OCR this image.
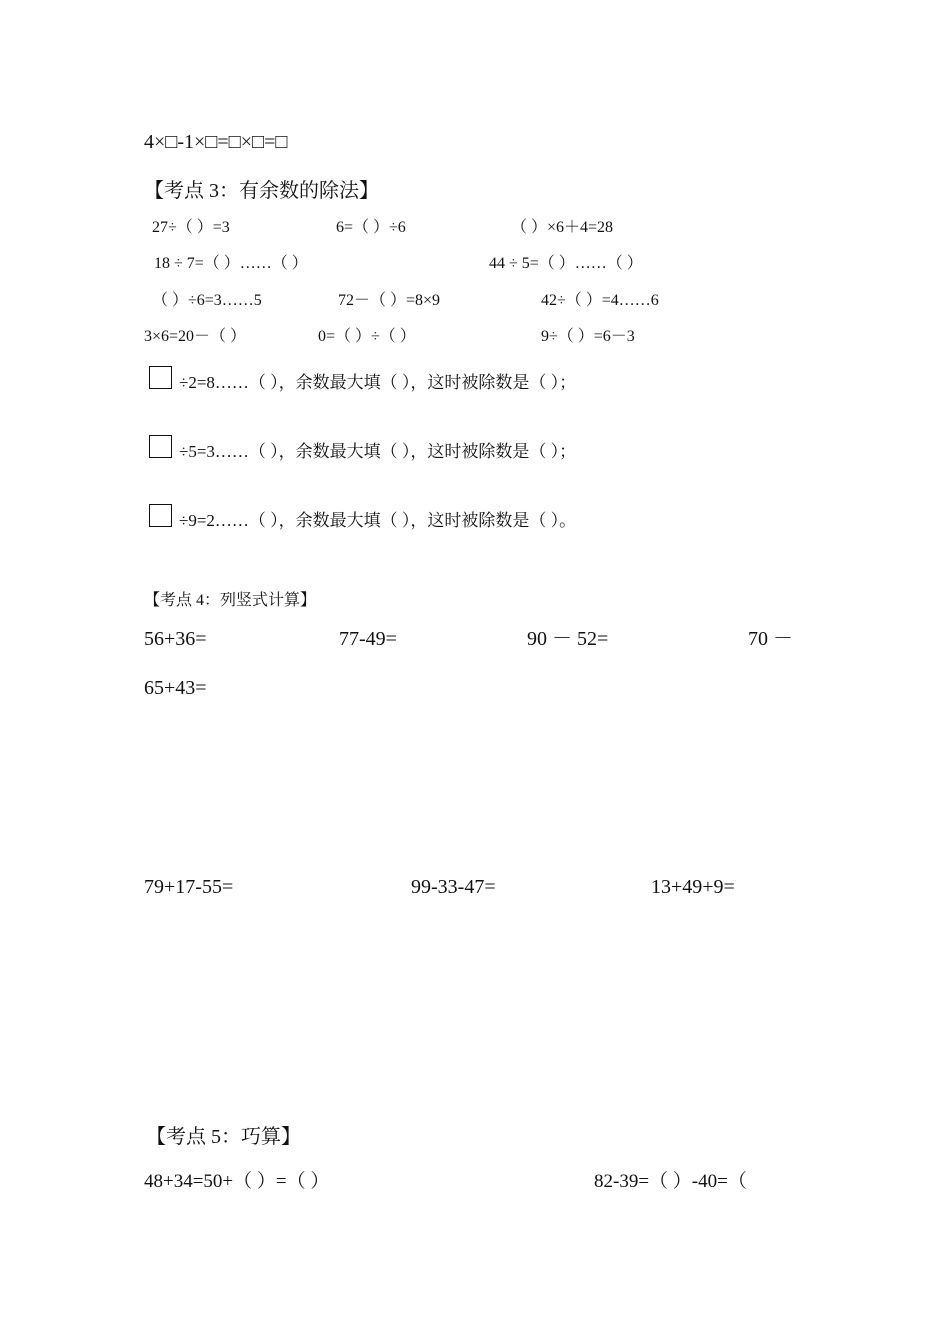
4×□-1×□=□×□=□
【考点 3：有余数的除法】
27÷（ ）=3	6=（ ）÷6	（ ）×6＋4=28
18 ÷ 7=（ ）……（ ）	44 ÷ 5=（ ）……（ ）
（ ）÷6=3……5	72－（ ）=8×9	42÷（ ）=4……6
3×6=20－（ ）	0=（ ）÷（ ）	9÷（ ）=6－3
÷2=8……（ ），余数最大填（ ），这时被除数是（ ）；
÷5=3……（ ），余数最大填（ ），这时被除数是（ ）；
÷9=2……（ ），余数最大填（ ），这时被除数是（ ）。
【考点 4：列竖式计算】
56+36=	77-49=	90 － 52=	70 －
65+43=
79+17-55=	99-33-47=	13+49+9=
【考点 5：巧算】
48+34=50+（ ）=（ ）	82-39=（ ）-40=（
